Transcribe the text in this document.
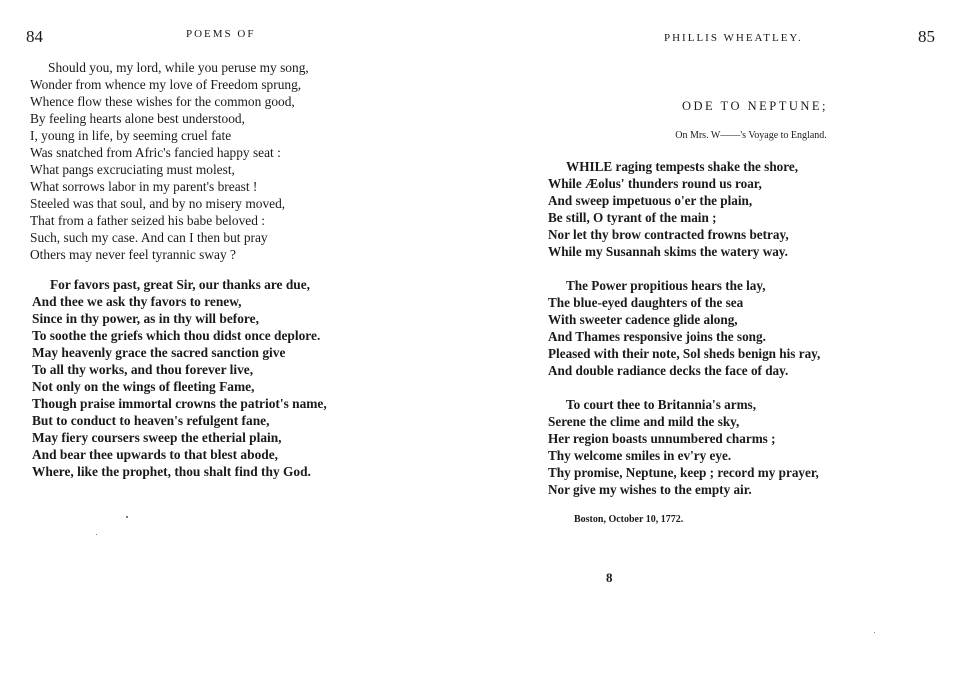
84	POEMS OF
Should you, my lord, while you peruse my song,
Wonder from whence my love of Freedom sprung,
Whence flow these wishes for the common good,
By feeling hearts alone best understood,
I, young in life, by seeming cruel fate
Was snatched from Afric's fancied happy seat :
What pangs excruciating must molest,
What sorrows labor in my parent's breast !
Steeled was that soul, and by no misery moved,
That from a father seized his babe beloved :
Such, such my case. And can I then but pray
Others may never feel tyrannic sway ?
For favors past, great Sir, our thanks are due,
And thee we ask thy favors to renew,
Since in thy power, as in thy will before,
To soothe the griefs which thou didst once deplore.
May heavenly grace the sacred sanction give
To all thy works, and thou forever live,
Not only on the wings of fleeting Fame,
Though praise immortal crowns the patriot's name,
But to conduct to heaven's refulgent fane,
May fiery coursers sweep the etherial plain,
And bear thee upwards to that blest abode,
Where, like the prophet, thou shalt find thy God.
PHILLIS WHEATLEY.	85
ODE TO NEPTUNE;
On Mrs. W——'s Voyage to England.
WHILE raging tempests shake the shore,
While Æolus' thunders round us roar,
And sweep impetuous o'er the plain,
Be still, O tyrant of the main ;
Nor let thy brow contracted frowns betray,
While my Susannah skims the watery way.
The Power propitious hears the lay,
The blue-eyed daughters of the sea
With sweeter cadence glide along,
And Thames responsive joins the song.
Pleased with their note, Sol sheds benign his ray,
And double radiance decks the face of day.
To court thee to Britannia's arms,
Serene the clime and mild the sky,
Her region boasts unnumbered charms ;
Thy welcome smiles in ev'ry eye.
Thy promise, Neptune, keep ; record my prayer,
Nor give my wishes to the empty air.
Boston, October 10, 1772.
8
